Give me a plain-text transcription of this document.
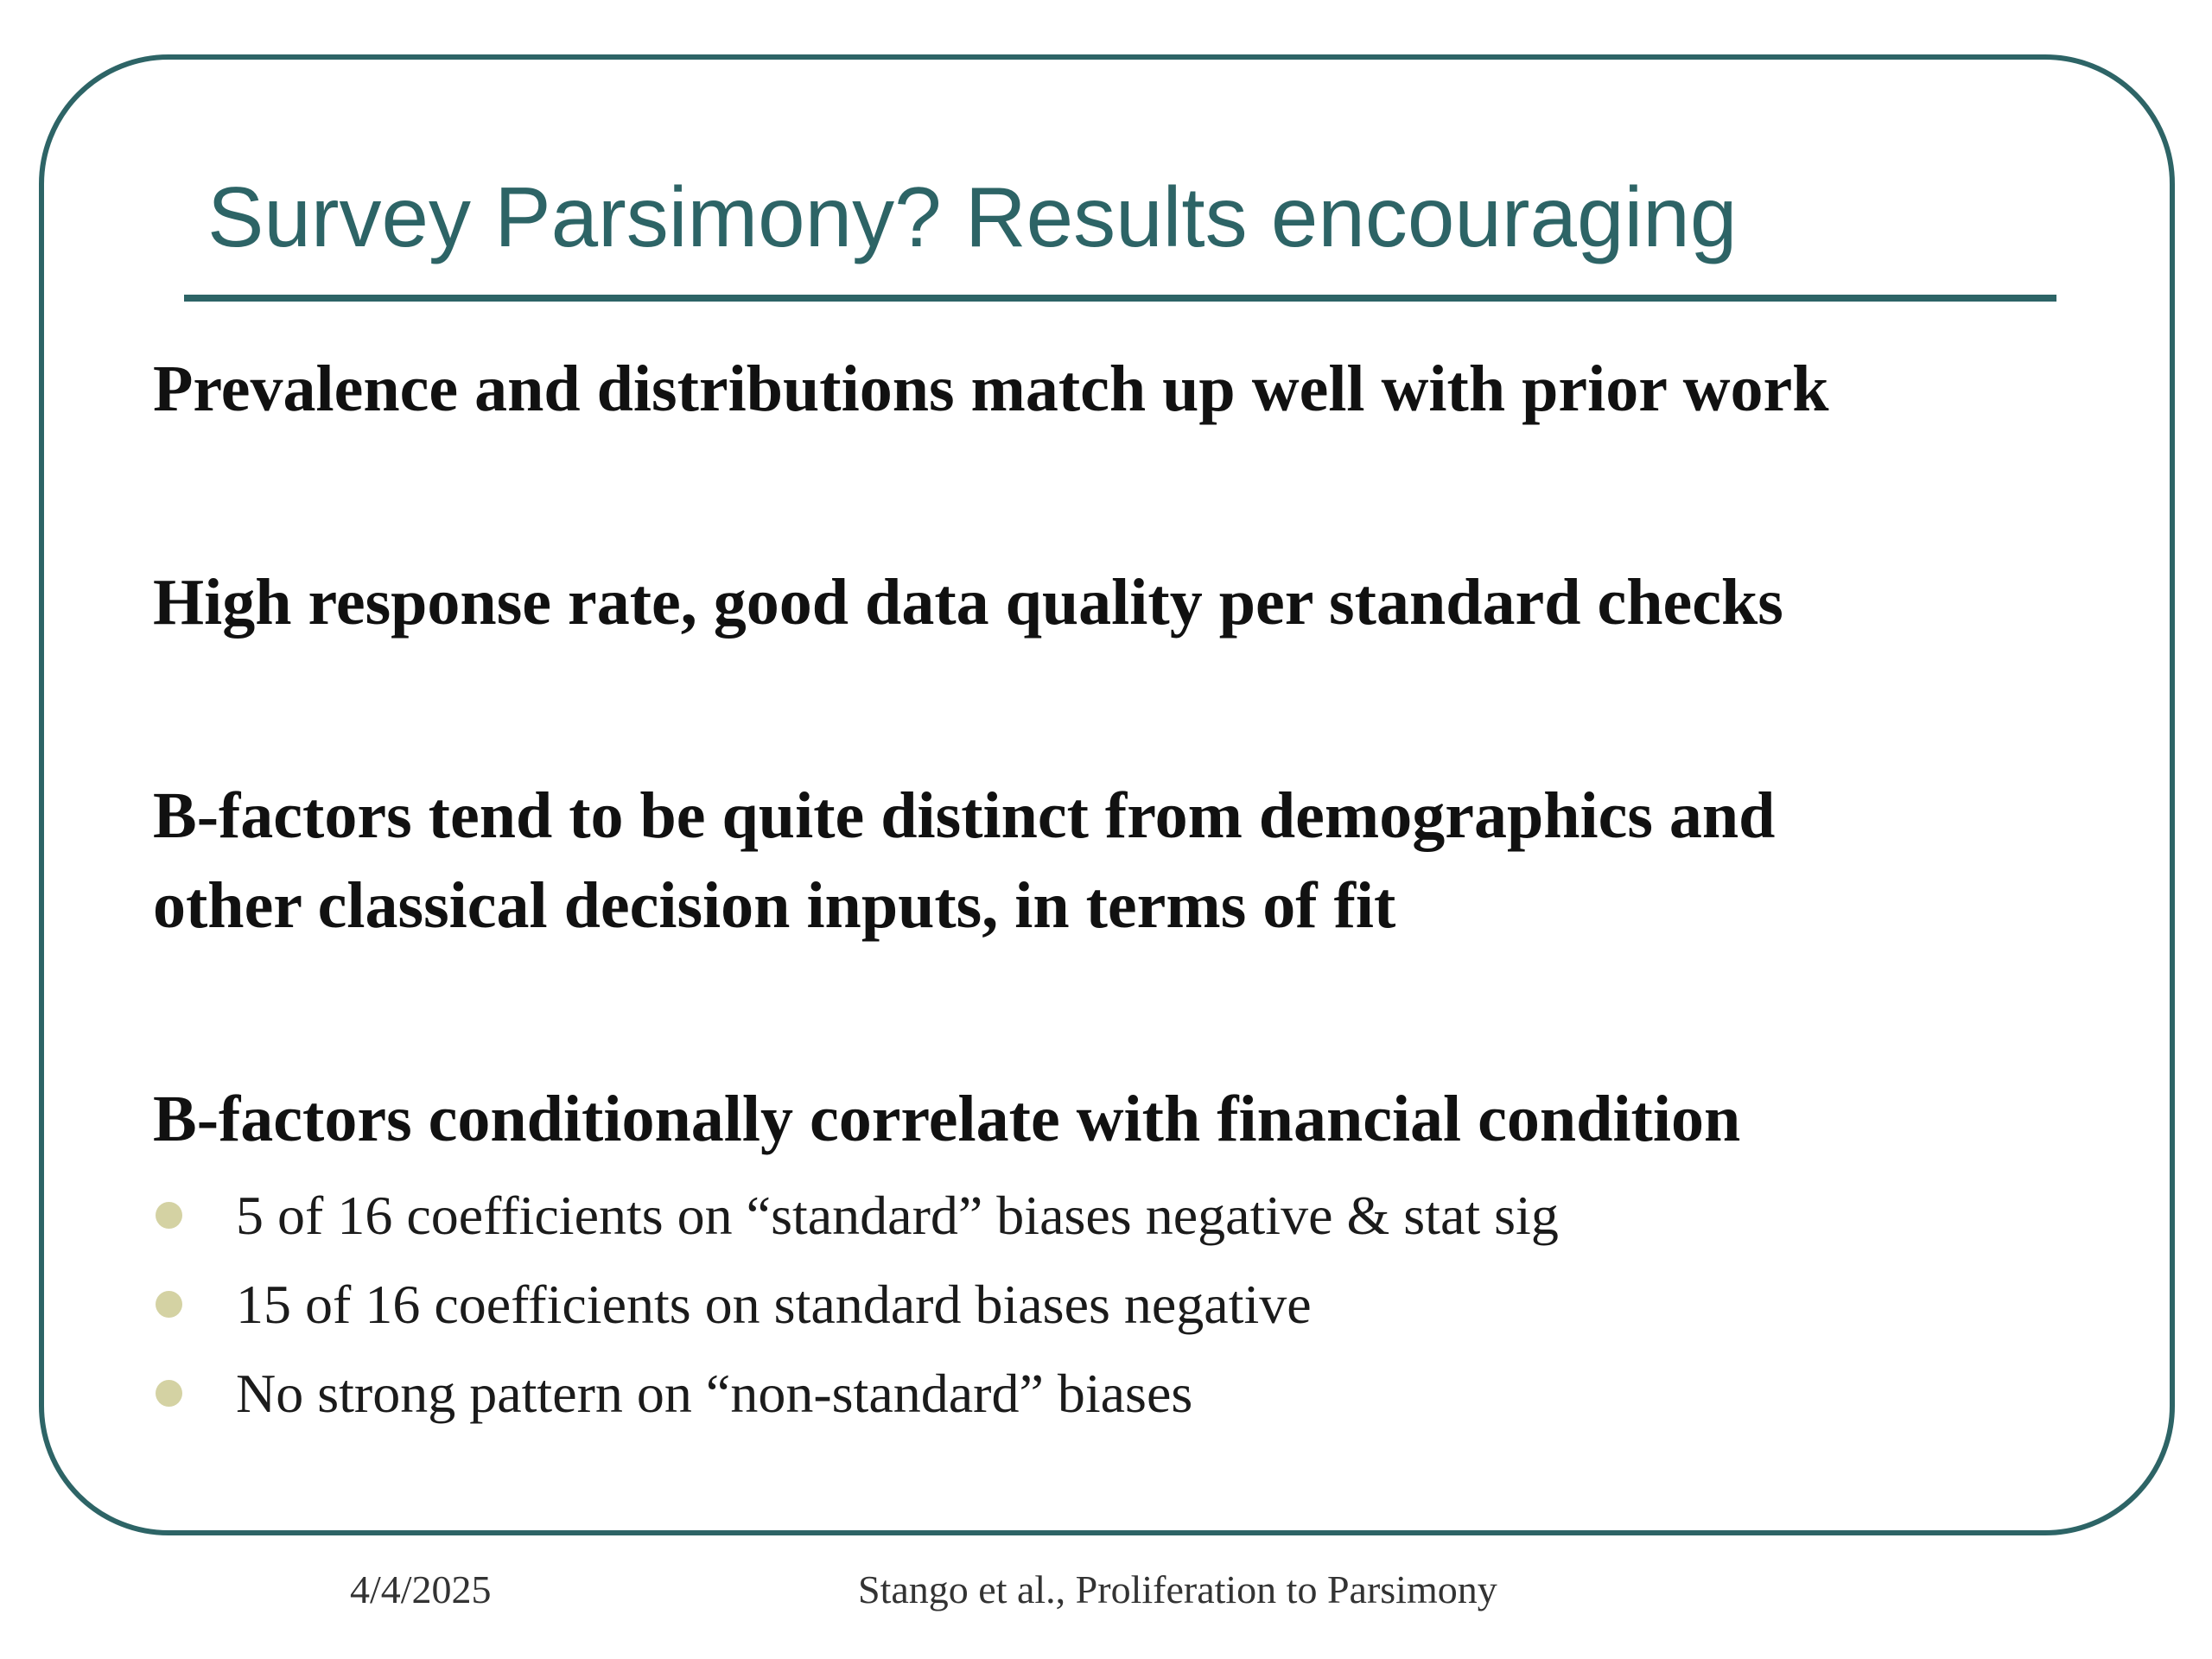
Survey Parsimony? Results encouraging

Prevalence and distributions match up well with prior work

High response rate, good data quality per standard checks

B-factors tend to be quite distinct from demographics and
other classical decision inputs, in terms of fit

B-factors conditionally correlate with financial condition

5 of 16 coefficients on “standard” biases negative & stat sig
15 of 16 coefficients on standard biases negative
No strong pattern on “non-standard” biases
4/4/2025	Stango et al., Proliferation to Parsimony
